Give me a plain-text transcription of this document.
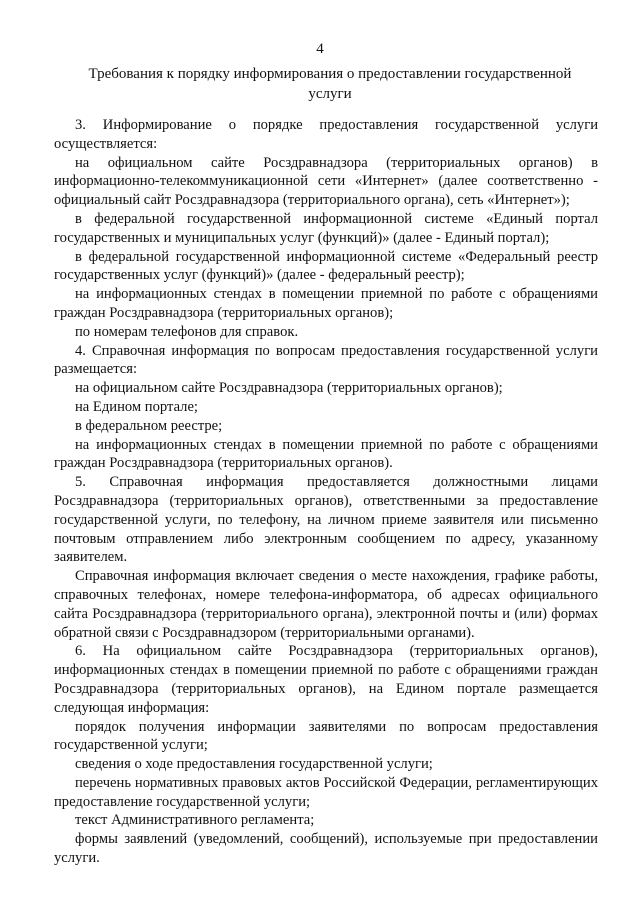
4
Требования к порядку информирования о предоставлении государственной услуги

3. Информирование о порядке предоставления государственной услуги осуществляется:

на официальном сайте Росздравнадзора (территориальных органов) в информационно-телекоммуникационной сети «Интернет» (далее соответственно - официальный сайт Росздравнадзора (территориального органа), сеть «Интернет»);

в федеральной государственной информационной системе «Единый портал государственных и муниципальных услуг (функций)» (далее - Единый портал);

в федеральной государственной информационной системе «Федеральный реестр государственных услуг (функций)» (далее - федеральный реестр);

на информационных стендах в помещении приемной по работе с обращениями граждан Росздравнадзора (территориальных органов);

по номерам телефонов для справок.

4. Справочная информация по вопросам предоставления государственной услуги размещается:

на официальном сайте Росздравнадзора (территориальных органов);

на Едином портале;

в федеральном реестре;

на информационных стендах в помещении приемной по работе с обращениями граждан Росздравнадзора (территориальных органов).

5. Справочная информация предоставляется должностными лицами Росздравнадзора (территориальных органов), ответственными за предоставление государственной услуги, по телефону, на личном приеме заявителя или письменно почтовым отправлением либо электронным сообщением по адресу, указанному заявителем.

Справочная информация включает сведения о месте нахождения, графике работы, справочных телефонах, номере телефона-информатора, об адресах официального сайта Росздравнадзора (территориального органа), электронной почты и (или) формах обратной связи с Росздравнадзором (территориальными органами).

6. На официальном сайте Росздравнадзора (территориальных органов), информационных стендах в помещении приемной по работе с обращениями граждан Росздравнадзора (территориальных органов), на Едином портале размещается следующая информация:

порядок получения информации заявителями по вопросам предоставления государственной услуги;

сведения о ходе предоставления государственной услуги;

перечень нормативных правовых актов Российской Федерации, регламентирующих предоставление государственной услуги;

текст Административного регламента;

формы заявлений (уведомлений, сообщений), используемые при предоставлении услуги.
